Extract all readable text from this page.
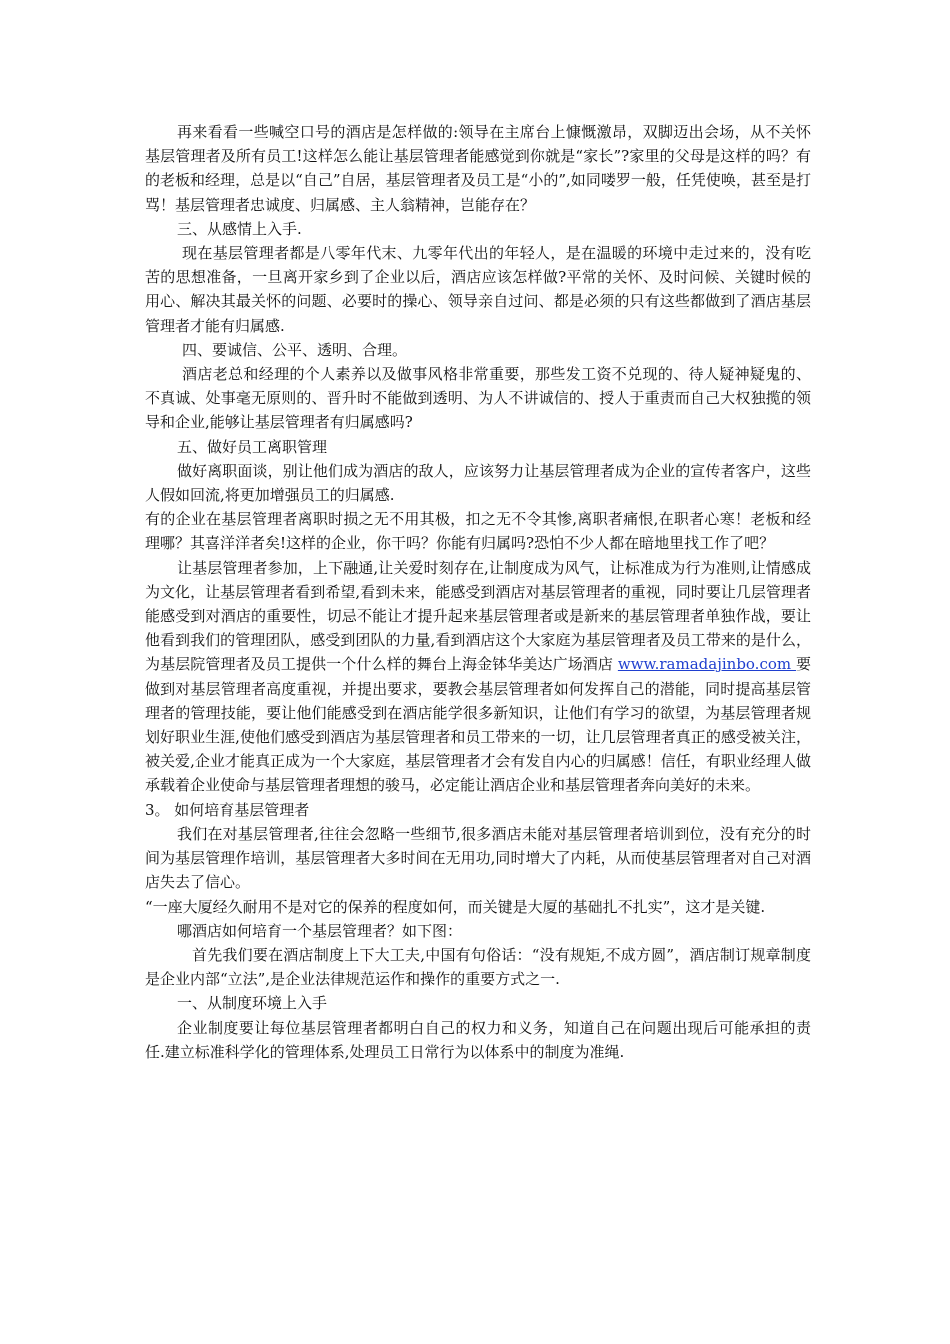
再来看看一些喊空口号的酒店是怎样做的:领导在主席台上慷慨激昂，双脚迈出会场，从不关怀基层管理者及所有员工!这样怎么能让基层管理者能感觉到你就是“家长”?家里的父母是这样的吗？有的老板和经理，总是以“自己”自居，基层管理者及员工是“小的”,如同喽罗一般，任凭使唤，甚至是打骂！基层管理者忠诚度、归属感、主人翁精神，岂能存在？

三、从感情上入手.

现在基层管理者都是八零年代末、九零年代出的年轻人，是在温暖的环境中走过来的，没有吃苦的思想准备，一旦离开家乡到了企业以后，酒店应该怎样做?平常的关怀、及时问候、关键时候的用心、解决其最关怀的问题、必要时的操心、领导亲自过问、都是必须的只有这些都做到了酒店基层管理者才能有归属感.

四、要诚信、公平、透明、合理。

酒店老总和经理的个人素养以及做事风格非常重要，那些发工资不兑现的、待人疑神疑鬼的、不真诚、处事毫无原则的、晋升时不能做到透明、为人不讲诚信的、授人于重责而自己大权独揽的领导和企业,能够让基层管理者有归属感吗?

五、做好员工离职管理

做好离职面谈，别让他们成为酒店的敌人，应该努力让基层管理者成为企业的宣传者客户，这些人假如回流,将更加增强员工的归属感.

有的企业在基层管理者离职时损之无不用其极，扣之无不令其惨,离职者痛恨,在职者心寒！老板和经理哪？其喜洋洋者矣!这样的企业，你干吗？你能有归属吗?恐怕不少人都在暗地里找工作了吧？

让基层管理者参加，上下融通,让关爱时刻存在,让制度成为风气，让标准成为行为准则,让情感成为文化，让基层管理者看到希望,看到未来，能感受到酒店对基层管理者的重视，同时要让几层管理者能感受到对酒店的重要性，切忌不能让才提升起来基层管理者或是新来的基层管理者单独作战，要让他看到我们的管理团队，感受到团队的力量,看到酒店这个大家庭为基层管理者及员工带来的是什么，为基层院管理者及员工提供一个什么样的舞台上海金钵华美达广场酒店 www.ramadajinbo.com 要做到对基层管理者高度重视，并提出要求，要教会基层管理者如何发挥自己的潜能，同时提高基层管理者的管理技能，要让他们能感受到在酒店能学很多新知识，让他们有学习的欲望，为基层管理者规划好职业生涯,使他们感受到酒店为基层管理者和员工带来的一切，让几层管理者真正的感受被关注，被关爱,企业才能真正成为一个大家庭，基层管理者才会有发自内心的归属感！信任，有职业经理人做承载着企业使命与基层管理者理想的骏马，必定能让酒店企业和基层管理者奔向美好的未来。

3。 如何培育基层管理者

我们在对基层管理者,往往会忽略一些细节,很多酒店未能对基层管理者培训到位，没有充分的时间为基层管理作培训，基层管理者大多时间在无用功,同时增大了内耗，从而使基层管理者对自己对酒店失去了信心。

“一座大厦经久耐用不是对它的保养的程度如何，而关键是大厦的基础扎不扎实”，这才是关键.

哪酒店如何培育一个基层管理者？如下图：

首先我们要在酒店制度上下大工夫,中国有句俗话：“没有规矩,不成方圆”，酒店制订规章制度是企业内部“立法”,是企业法律规范运作和操作的重要方式之一.

一、从制度环境上入手

企业制度要让每位基层管理者都明白自己的权力和义务，知道自己在问题出现后可能承担的责任.建立标准科学化的管理体系,处理员工日常行为以体系中的制度为准绳.
